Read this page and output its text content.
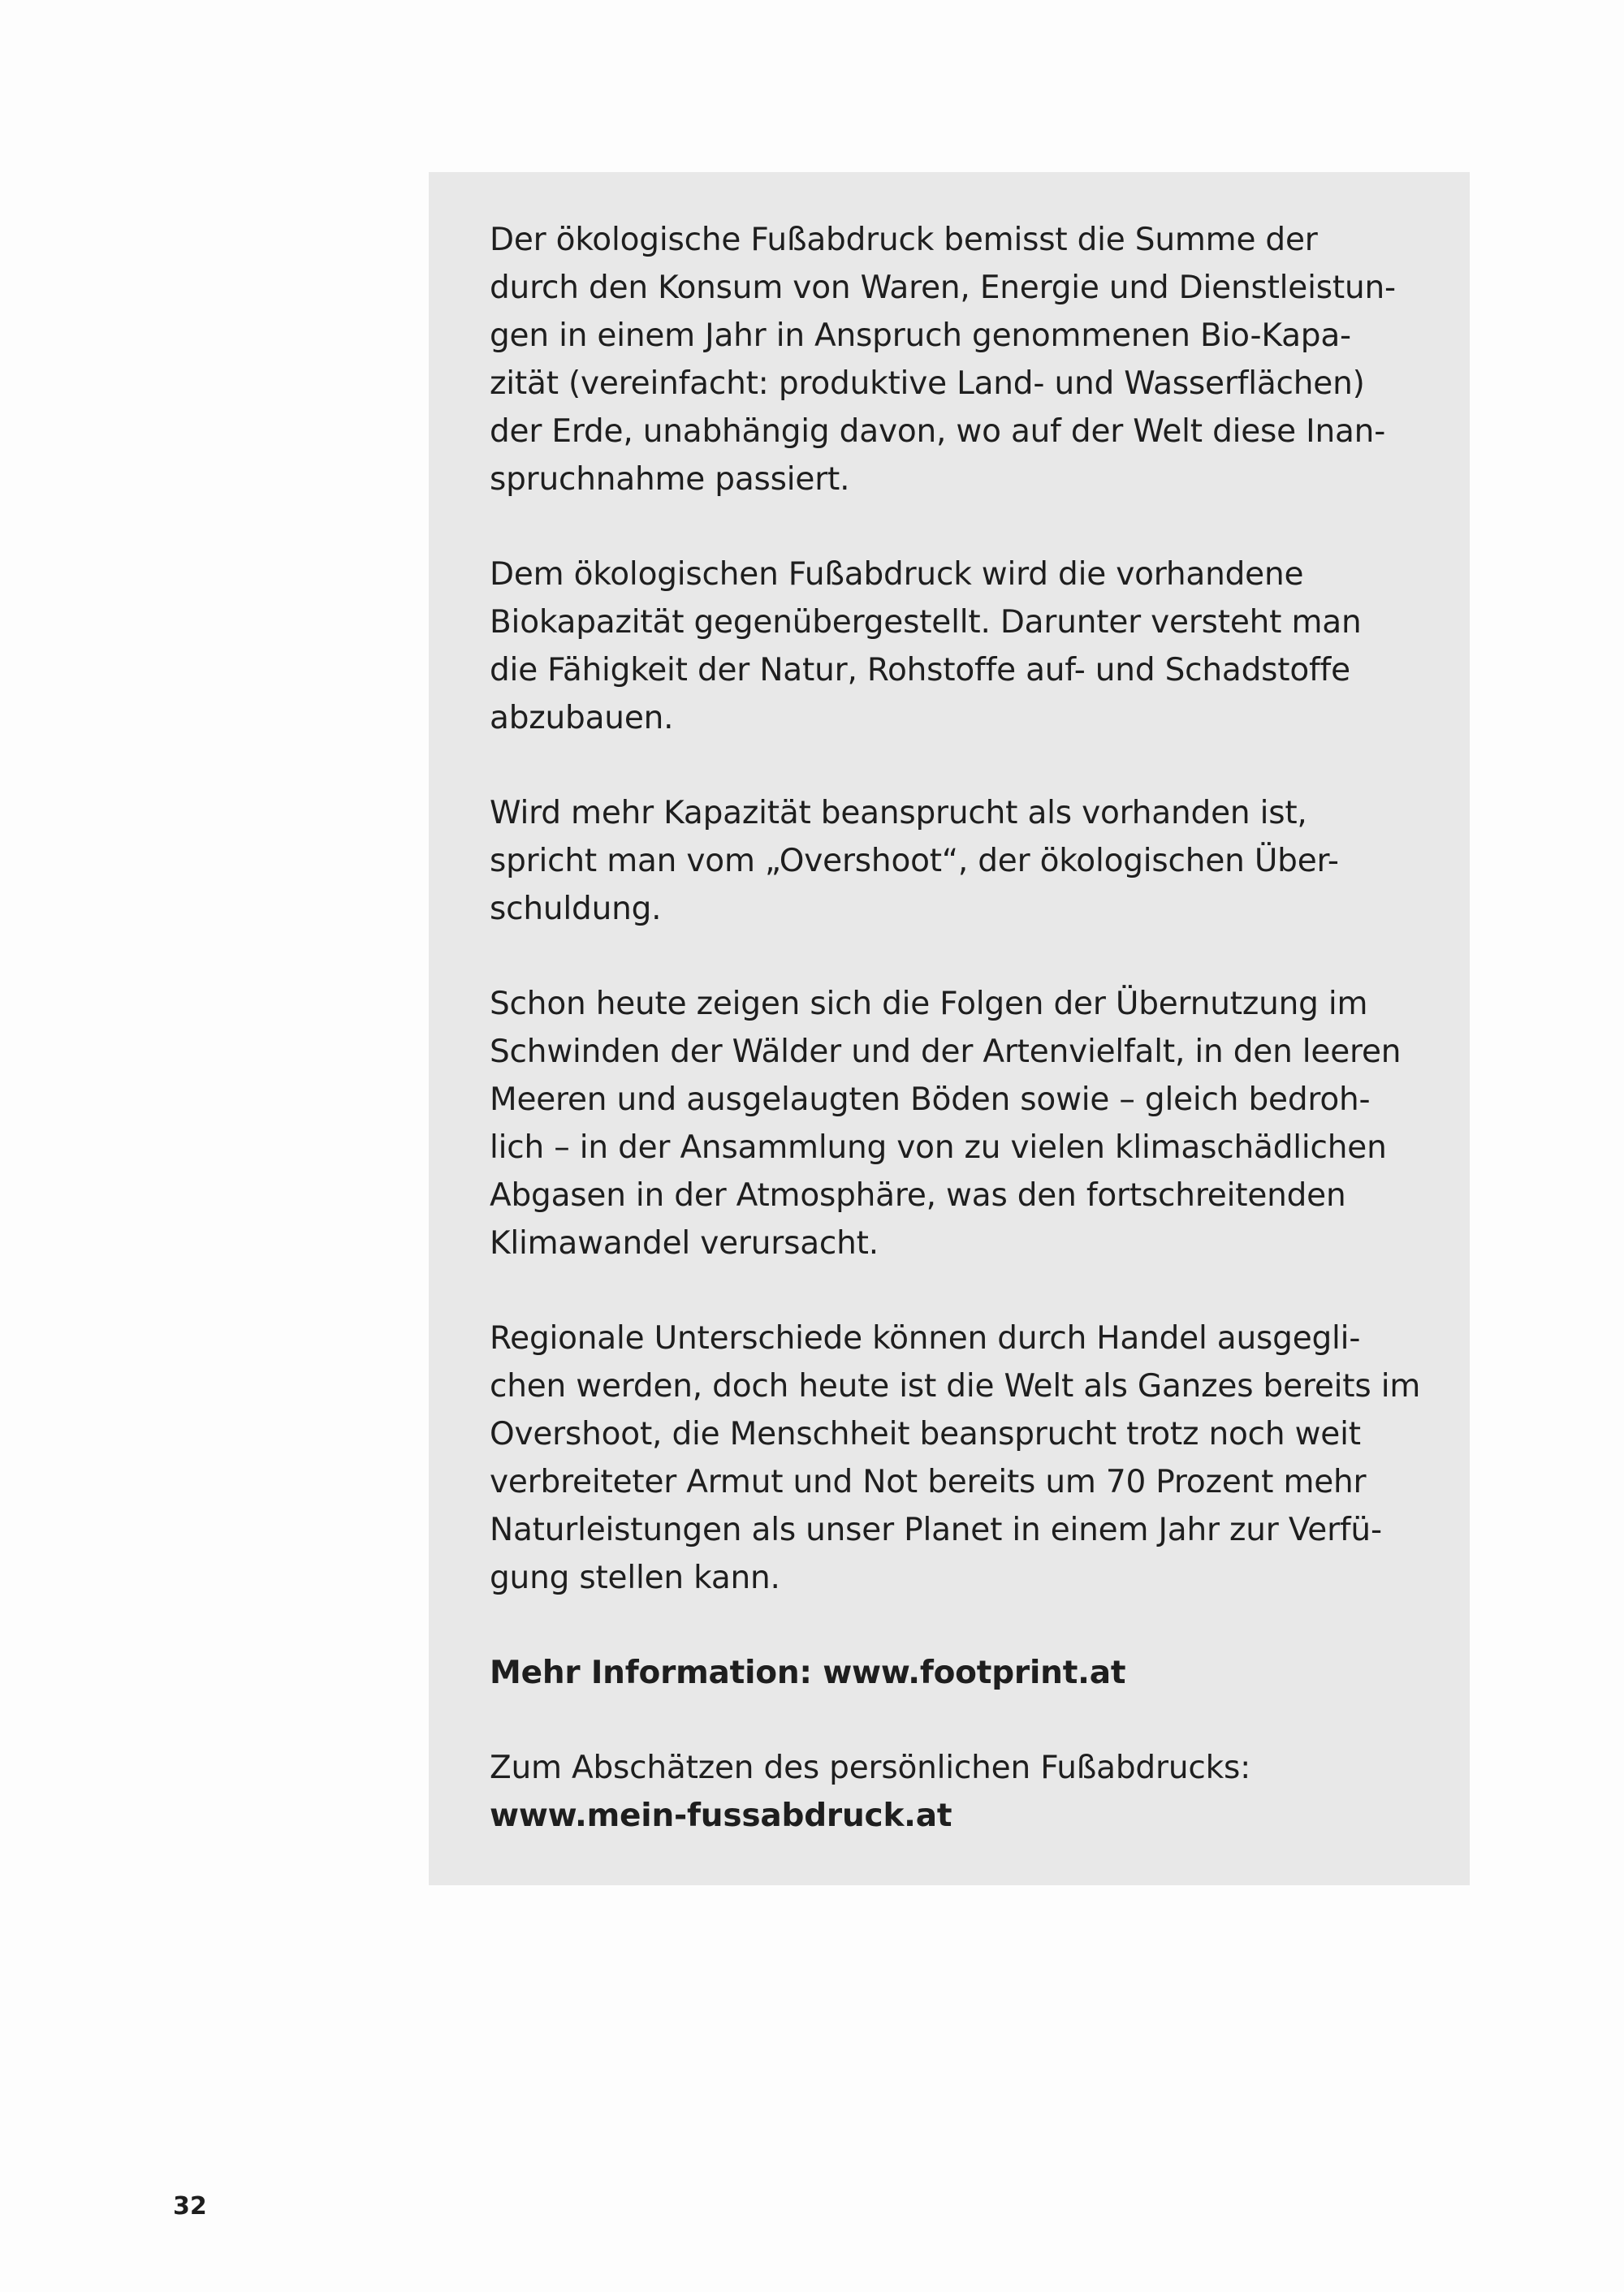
Der ökologische Fußabdruck bemisst die Summe der
durch den Konsum von Waren, Energie und Dienstleistun-
gen in einem Jahr in Anspruch genommenen Bio-Kapa-
zität (vereinfacht: produktive Land- und Wasserflächen)
der Erde, unabhängig davon, wo auf der Welt diese Inan-
spruchnahme passiert.

Dem ökologischen Fußabdruck wird die vorhandene
Biokapazität gegenübergestellt. Darunter versteht man
die Fähigkeit der Natur, Rohstoffe auf- und Schadstoffe
abzubauen.

Wird mehr Kapazität beansprucht als vorhanden ist,
spricht man vom „Overshoot“, der ökologischen Über-
schuldung.

Schon heute zeigen sich die Folgen der Übernutzung im
Schwinden der Wälder und der Artenvielfalt, in den leeren
Meeren und ausgelaugten Böden sowie – gleich bedroh-
lich – in der Ansammlung von zu vielen klimaschädlichen
Abgasen in der Atmosphäre, was den fortschreitenden
Klimawandel verursacht.

Regionale Unterschiede können durch Handel ausgegli-
chen werden, doch heute ist die Welt als Ganzes bereits im
Overshoot, die Menschheit beansprucht trotz noch weit
verbreiteter Armut und Not bereits um 70 Prozent mehr
Naturleistungen als unser Planet in einem Jahr zur Verfü-
gung stellen kann.

Mehr Information: www.footprint.at

Zum Abschätzen des persönlichen Fußabdrucks:
www.mein-fussabdruck.at

32
